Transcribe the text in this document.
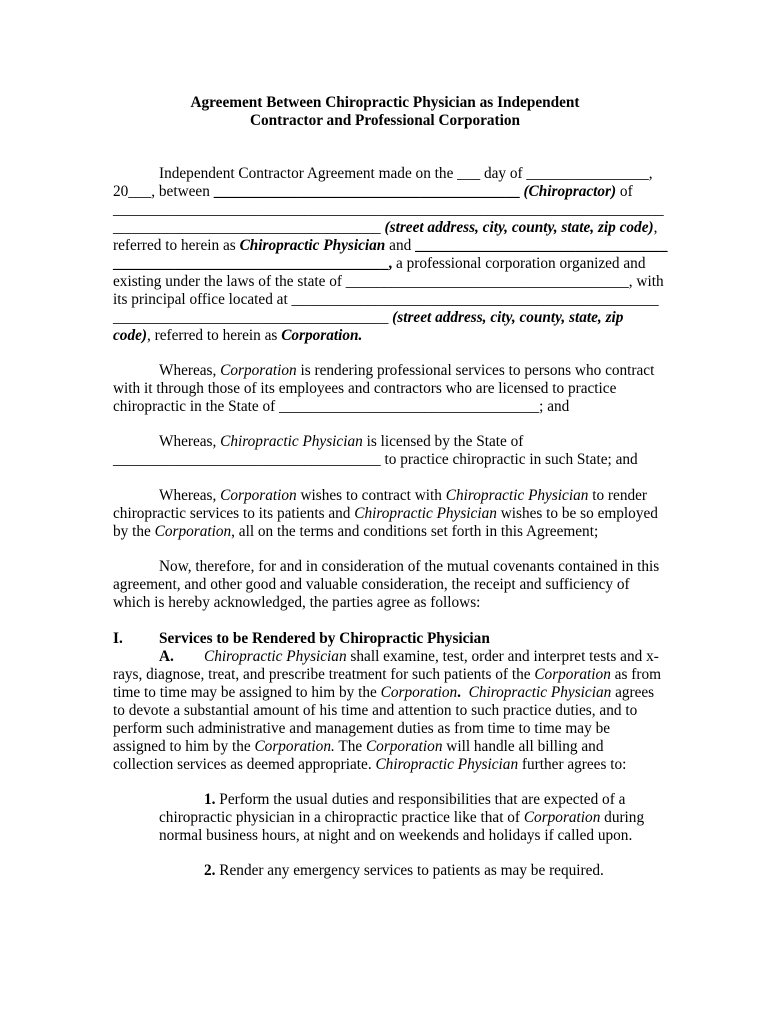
Agreement Between Chiropractic Physician as Independent
Contractor and Professional Corporation
Independent Contractor Agreement made on the ___ day of ________________,
20___, between ________________________________________ (Chiropractor) of
________________________________________________________________________
___________________________________ (street address, city, county, state, zip code),
referred to herein as Chiropractic Physician and _________________________________
____________________________________, a professional corporation organized and
existing under the laws of the state of _____________________________________, with
its principal office located at ________________________________________________
____________________________________ (street address, city, county, state, zip
code), referred to herein as Corporation.
Whereas, Corporation is rendering professional services to persons who contract
with it through those of its employees and contractors who are licensed to practice
chiropractic in the State of __________________________________; and
Whereas, Chiropractic Physician is licensed by the State of
___________________________________ to practice chiropractic in such State; and
Whereas, Corporation wishes to contract with Chiropractic Physician to render
chiropractic services to its patients and Chiropractic Physician wishes to be so employed
by the Corporation, all on the terms and conditions set forth in this Agreement;
Now, therefore, for and in consideration of the mutual covenants contained in this
agreement, and other good and valuable consideration, the receipt and sufficiency of
which is hereby acknowledged, the parties agree as follows:
I. Services to be Rendered by Chiropractic Physician
A. Chiropractic Physician shall examine, test, order and interpret tests and x-
rays, diagnose, treat, and prescribe treatment for such patients of the Corporation as from
time to time may be assigned to him by the Corporation.  Chiropractic Physician agrees
to devote a substantial amount of his time and attention to such practice duties, and to
perform such administrative and management duties as from time to time may be
assigned to him by the Corporation. The Corporation will handle all billing and
collection services as deemed appropriate. Chiropractic Physician further agrees to:
1. Perform the usual duties and responsibilities that are expected of a
chiropractic physician in a chiropractic practice like that of Corporation during
normal business hours, at night and on weekends and holidays if called upon.
2. Render any emergency services to patients as may be required.
